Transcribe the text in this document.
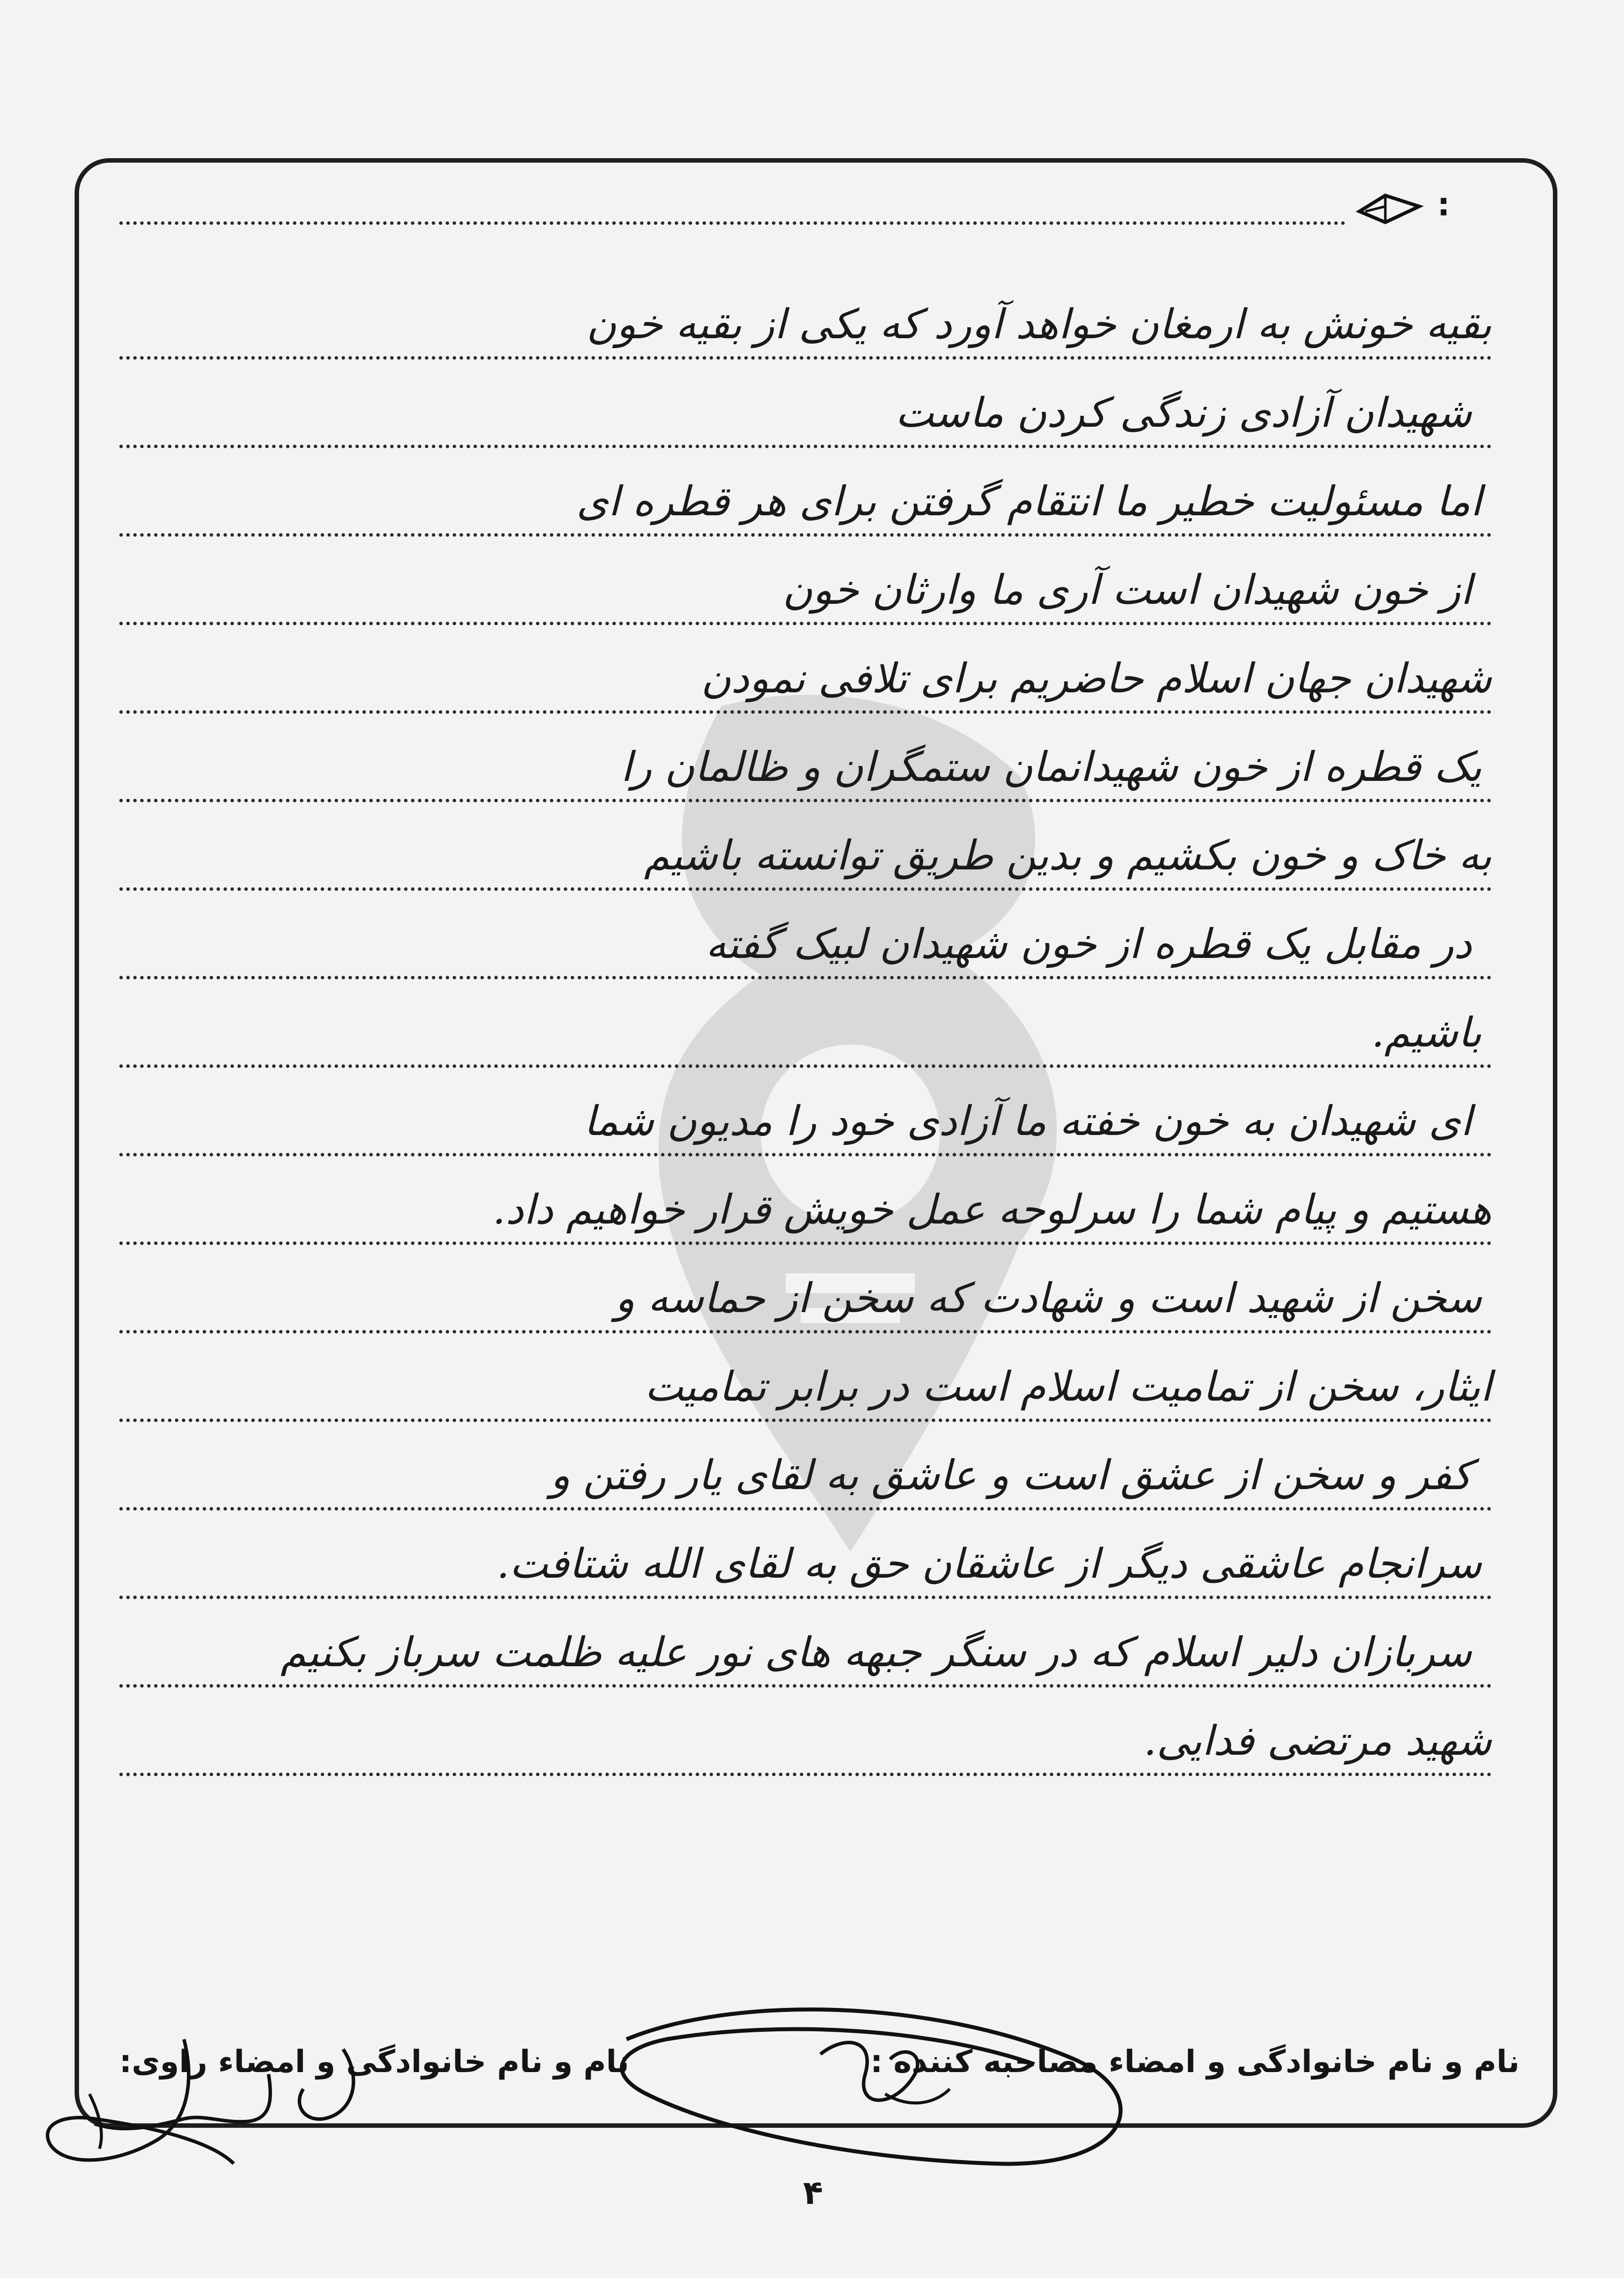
:
بقیه خونش به ارمغان خواهد آورد که یکی از بقیه خون
شهیدان آزادی زندگی کردن ماست
اما مسئولیت خطیر ما انتقام گرفتن برای هر قطره ای
از خون شهیدان است آری ما وارثان خون
شهیدان جهان اسلام حاضریم برای تلافی نمودن
یک قطره از خون شهیدانمان ستمگران و ظالمان را
به خاک و خون بکشیم و بدین طریق توانسته باشیم
در مقابل یک قطره از خون شهیدان لبیک گفته
باشیم.
ای شهیدان به خون خفته ما آزادی خود را مدیون شما
هستیم و پیام شما را سرلوحه عمل خویش قرار خواهیم داد.
سخن از شهید است و شهادت که سخن از حماسه و
ایثار، سخن از تمامیت اسلام است در برابر تمامیت
کفر و سخن از عشق است و عاشق به لقای یار رفتن و
سرانجام عاشقی دیگر از عاشقان حق به لقای الله شتافت.
سربازان دلیر اسلام که در سنگر جبهه های نور علیه ظلمت سرباز بکنیم
شهید مرتضی فدایی.
نام و نام خانوادگی و امضاء مصاحبه کننده :
نام و نام خانوادگی و امضاء راوی:
۴
